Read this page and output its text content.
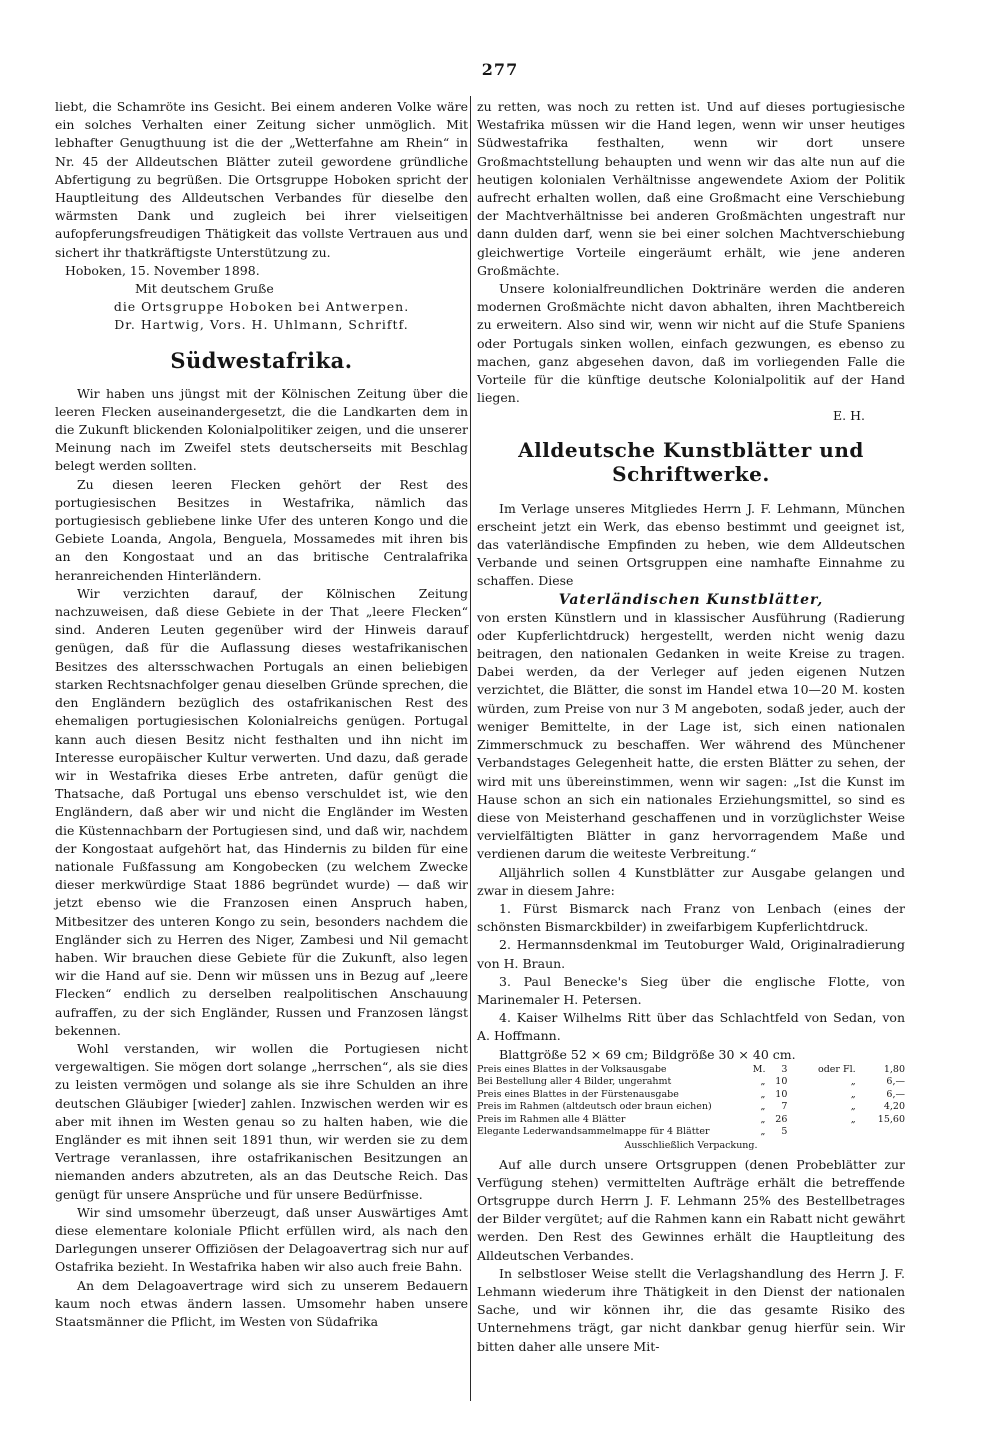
277

liebt, die Schamröte ins Gesicht. Bei einem anderen Volke wäre ein solches Verhalten einer Zeitung sicher unmöglich. Mit lebhafter Genugthuung ist die der „Wetterfahne am Rhein“ in Nr. 45 der Alldeutschen Blätter zuteil gewordene gründliche Abfertigung zu begrüßen. Die Ortsgruppe Hoboken spricht der Hauptleitung des Alldeutschen Verbandes für dieselbe den wärmsten Dank und zugleich bei ihrer vielseitigen aufopferungsfreudigen Thätigkeit das vollste Vertrauen aus und sichert ihr thatkräftigste Unterstützung zu.

Hoboken, 15. November 1898.
Mit deutschem Gruße
die Ortsgruppe Hoboken bei Antwerpen.
Dr. Hartwig, Vors. H. Uhlmann, Schriftf.
Südwestafrika.

Wir haben uns jüngst mit der Kölnischen Zeitung über die leeren Flecken auseinandergesetzt, die die Landkarten dem in die Zukunft blickenden Kolonialpolitiker zeigen, und die unserer Meinung nach im Zweifel stets deutscherseits mit Beschlag belegt werden sollten.

Zu diesen leeren Flecken gehört der Rest des portugiesischen Besitzes in Westafrika, nämlich das portugiesisch gebliebene linke Ufer des unteren Kongo und die Gebiete Loanda, Angola, Benguela, Mossamedes mit ihren bis an den Kongostaat und an das britische Centralafrika heranreichenden Hinterländern.

Wir verzichten darauf, der Kölnischen Zeitung nachzuweisen, daß diese Gebiete in der That „leere Flecken“ sind. Anderen Leuten gegenüber wird der Hinweis darauf genügen, daß für die Auflassung dieses westafrikanischen Besitzes des altersschwachen Portugals an einen beliebigen starken Rechtsnachfolger genau dieselben Gründe sprechen, die den Engländern bezüglich des ostafrikanischen Rest des ehemaligen portugiesischen Kolonialreichs genügen. Portugal kann auch diesen Besitz nicht festhalten und ihn nicht im Interesse europäischer Kultur verwerten. Und dazu, daß gerade wir in Westafrika dieses Erbe antreten, dafür genügt die Thatsache, daß Portugal uns ebenso verschuldet ist, wie den Engländern, daß aber wir und nicht die Engländer im Westen die Küstennachbarn der Portugiesen sind, und daß wir, nachdem der Kongostaat aufgehört hat, das Hindernis zu bilden für eine nationale Fußfassung am Kongobecken (zu welchem Zwecke dieser merkwürdige Staat 1886 begründet wurde) — daß wir jetzt ebenso wie die Franzosen einen Anspruch haben, Mitbesitzer des unteren Kongo zu sein, besonders nachdem die Engländer sich zu Herren des Niger, Zambesi und Nil gemacht haben. Wir brauchen diese Gebiete für die Zukunft, also legen wir die Hand auf sie. Denn wir müssen uns in Bezug auf „leere Flecken“ endlich zu derselben realpolitischen Anschauung aufraffen, zu der sich Engländer, Russen und Franzosen längst bekennen.

Wohl verstanden, wir wollen die Portugiesen nicht vergewaltigen. Sie mögen dort solange „herrschen“, als sie dies zu leisten vermögen und solange als sie ihre Schulden an ihre deutschen Gläubiger [wieder] zahlen. Inzwischen werden wir es aber mit ihnen im Westen genau so zu halten haben, wie die Engländer es mit ihnen seit 1891 thun, wir werden sie zu dem Vertrage veranlassen, ihre ostafrikanischen Besitzungen an niemanden anders abzutreten, als an das Deutsche Reich. Das genügt für unsere Ansprüche und für unsere Bedürfnisse.

Wir sind umsomehr überzeugt, daß unser Auswärtiges Amt diese elementare koloniale Pflicht erfüllen wird, als nach den Darlegungen unserer Offiziösen der Delagoavertrag sich nur auf Ostafrika bezieht. In Westafrika haben wir also auch freie Bahn.

An dem Delagoavertrage wird sich zu unserem Bedauern kaum noch etwas ändern lassen. Umsomehr haben unsere Staatsmänner die Pflicht, im Westen von Südafrika

zu retten, was noch zu retten ist. Und auf dieses portugiesische Westafrika müssen wir die Hand legen, wenn wir unser heutiges Südwestafrika festhalten, wenn wir dort unsere Großmachtstellung behaupten und wenn wir das alte nun auf die heutigen kolonialen Verhältnisse angewendete Axiom der Politik aufrecht erhalten wollen, daß eine Großmacht eine Verschiebung der Machtverhältnisse bei anderen Großmächten ungestraft nur dann dulden darf, wenn sie bei einer solchen Machtverschiebung gleichwertige Vorteile eingeräumt erhält, wie jene anderen Großmächte.

Unsere kolonialfreundlichen Doktrinäre werden die anderen modernen Großmächte nicht davon abhalten, ihren Machtbereich zu erweitern. Also sind wir, wenn wir nicht auf die Stufe Spaniens oder Portugals sinken wollen, einfach gezwungen, es ebenso zu machen, ganz abgesehen davon, daß im vorliegenden Falle die Vorteile für die künftige deutsche Kolonialpolitik auf der Hand liegen.

E. H.
Alldeutsche Kunstblätter und Schriftwerke.

Im Verlage unseres Mitgliedes Herrn J. F. Lehmann, München erscheint jetzt ein Werk, das ebenso bestimmt und geeignet ist, das vaterländische Empfinden zu heben, wie dem Alldeutschen Verbande und seinen Ortsgruppen eine namhafte Einnahme zu schaffen. Diese

Vaterländischen Kunstblätter,

von ersten Künstlern und in klassischer Ausführung (Radierung oder Kupferlichtdruck) hergestellt, werden nicht wenig dazu beitragen, den nationalen Gedanken in weite Kreise zu tragen. Dabei werden, da der Verleger auf jeden eigenen Nutzen verzichtet, die Blätter, die sonst im Handel etwa 10—20 M. kosten würden, zum Preise von nur 3 M angeboten, sodaß jeder, auch der weniger Bemittelte, in der Lage ist, sich einen nationalen Zimmerschmuck zu beschaffen. Wer während des Münchener Verbandstages Gelegenheit hatte, die ersten Blätter zu sehen, der wird mit uns übereinstimmen, wenn wir sagen: „Ist die Kunst im Hause schon an sich ein nationales Erziehungsmittel, so sind es diese von Meisterhand geschaffenen und in vorzüglichster Weise vervielfältigten Blätter in ganz hervorragendem Maße und verdienen darum die weiteste Verbreitung.“

Alljährlich sollen 4 Kunstblätter zur Ausgabe gelangen und zwar in diesem Jahre:

1. Fürst Bismarck nach Franz von Lenbach (eines der schönsten Bismarckbilder) in zweifarbigem Kupferlichtdruck.
2. Hermannsdenkmal im Teutoburger Wald, Originalradierung von H. Braun.
3. Paul Benecke's Sieg über die englische Flotte, von Marinemaler H. Petersen.
4. Kaiser Wilhelms Ritt über das Schlachtfeld von Sedan, von A. Hoffmann.
Blattgröße 52 × 69 cm; Bildgröße 30 × 40 cm.
Preis eines Blattes in der Volksausgabe	M.	3	oder Fl.	1,80
Bei Bestellung aller 4 Bilder, ungerahmt	„	10	„	6,—
Preis eines Blattes in der Fürstenausgabe	„	10	„	6,—
Preis im Rahmen (altdeutsch oder braun eichen)	„	7	„	4,20
Preis im Rahmen alle 4 Blätter	„	26	„	15,60
Elegante Lederwandsammelmappe für 4 Blätter	„	5		
Ausschließlich Verpackung.

Auf alle durch unsere Ortsgruppen (denen Probeblätter zur Verfügung stehen) vermittelten Aufträge erhält die betreffende Ortsgruppe durch Herrn J. F. Lehmann 25% des Bestellbetrages der Bilder vergütet; auf die Rahmen kann ein Rabatt nicht gewährt werden. Den Rest des Gewinnes erhält die Hauptleitung des Alldeutschen Verbandes.

In selbstloser Weise stellt die Verlagshandlung des Herrn J. F. Lehmann wiederum ihre Thätigkeit in den Dienst der nationalen Sache, und wir können ihr, die das gesamte Risiko des Unternehmens trägt, gar nicht dankbar genug hierfür sein. Wir bitten daher alle unsere Mit-
